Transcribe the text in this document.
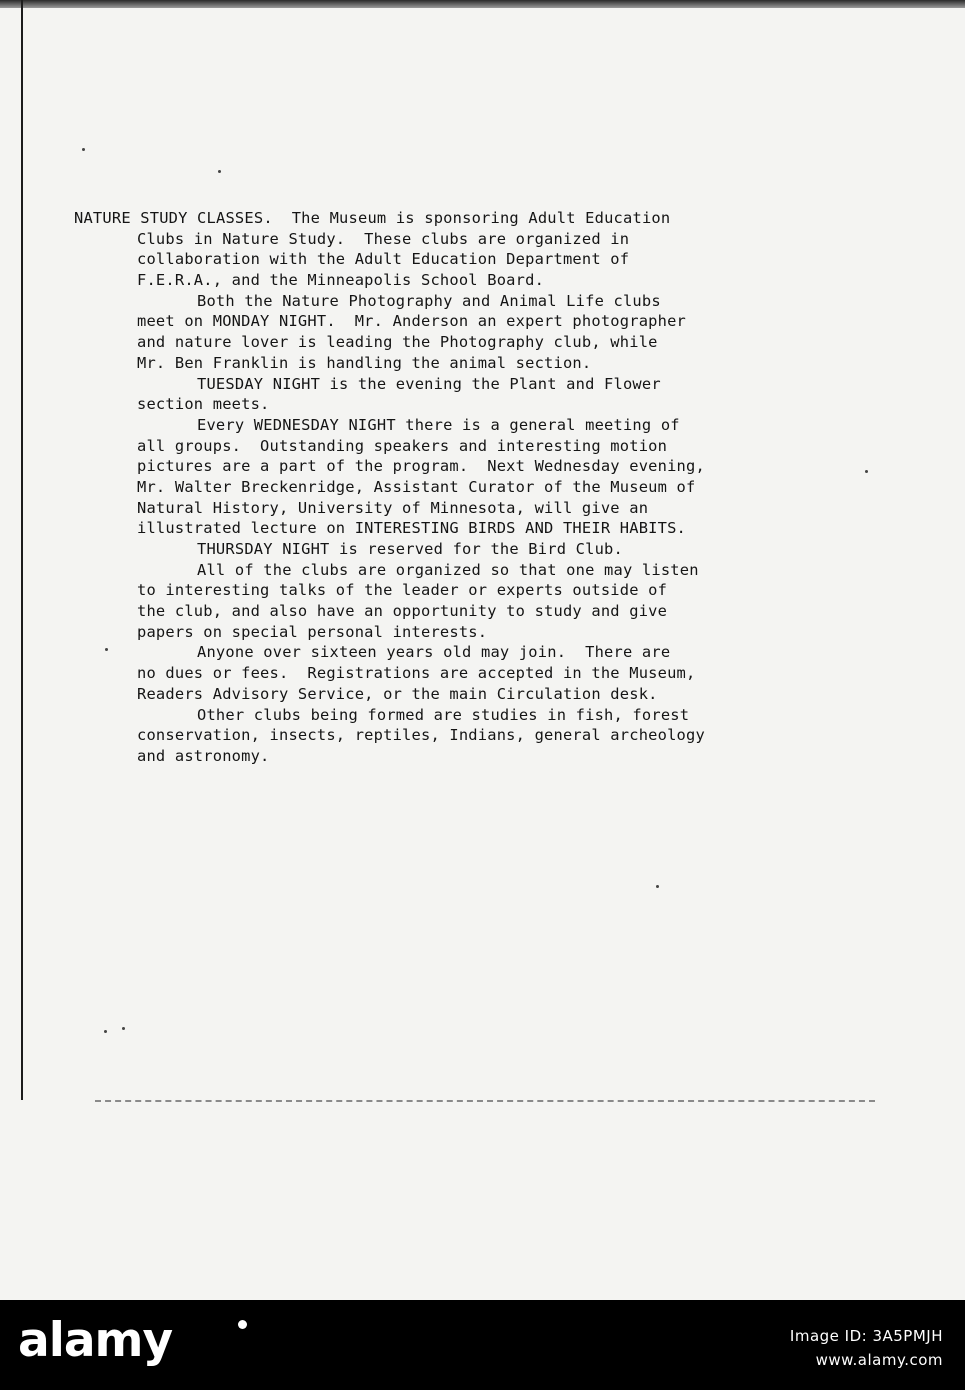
NATURE STUDY CLASSES.  The Museum is sponsoring Adult Education
Clubs in Nature Study.  These clubs are organized in
collaboration with the Adult Education Department of
F.E.R.A., and the Minneapolis School Board.
Both the Nature Photography and Animal Life clubs
meet on MONDAY NIGHT.  Mr. Anderson an expert photographer
and nature lover is leading the Photography club, while
Mr. Ben Franklin is handling the animal section.
TUESDAY NIGHT is the evening the Plant and Flower
section meets.
Every WEDNESDAY NIGHT there is a general meeting of
all groups.  Outstanding speakers and interesting motion
pictures are a part of the program.  Next Wednesday evening,
Mr. Walter Breckenridge, Assistant Curator of the Museum of
Natural History, University of Minnesota, will give an
illustrated lecture on INTERESTING BIRDS AND THEIR HABITS.
THURSDAY NIGHT is reserved for the Bird Club.
All of the clubs are organized so that one may listen
to interesting talks of the leader or experts outside of
the club, and also have an opportunity to study and give
papers on special personal interests.
Anyone over sixteen years old may join.  There are
no dues or fees.  Registrations are accepted in the Museum,
Readers Advisory Service, or the main Circulation desk.
Other clubs being formed are studies in fish, forest
conservation, insects, reptiles, Indians, general archeology
and astronomy.
alamy	Image ID: 3A5PMJH
www.alamy.com
